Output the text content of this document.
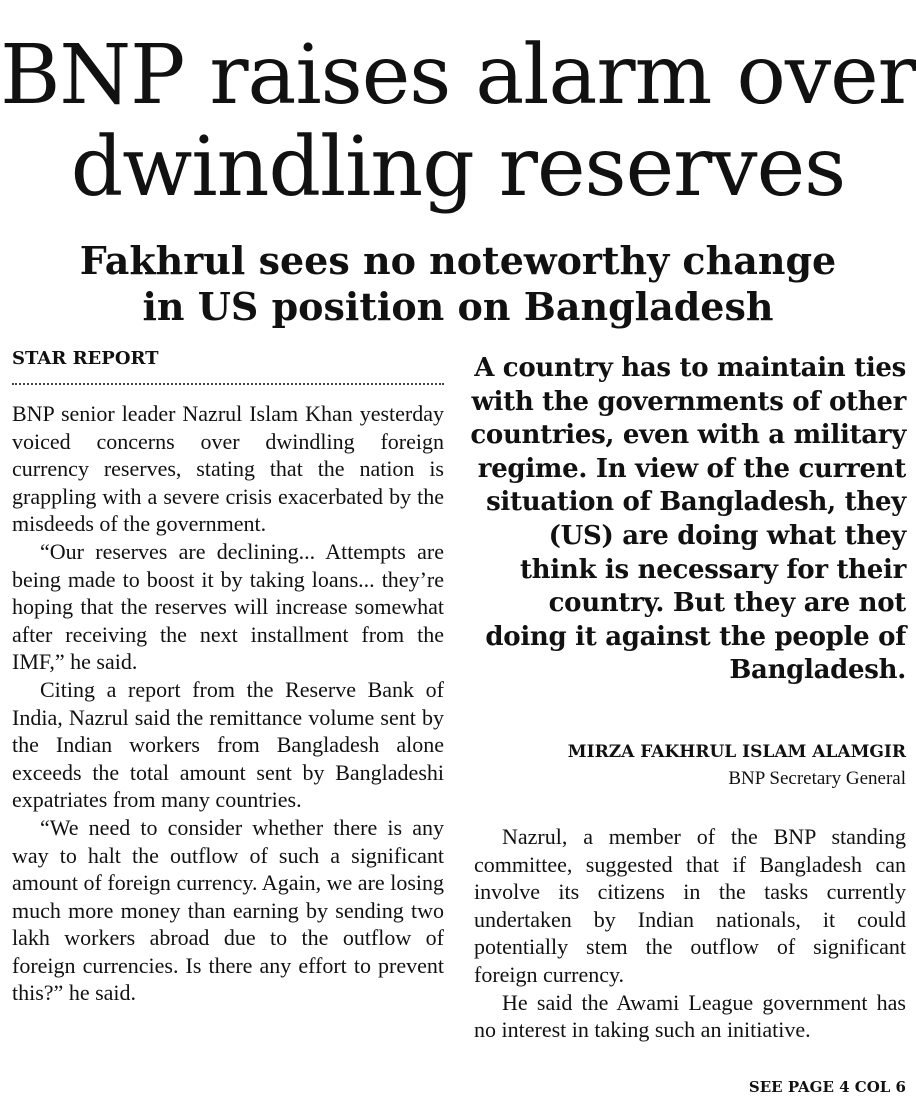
BNP raises alarm over
dwindling reserves
Fakhrul sees no noteworthy change
in US position on Bangladesh
STAR REPORT

BNP senior leader Nazrul Islam Khan yesterday voiced concerns over dwindling foreign currency reserves, stating that the nation is grappling with a severe crisis exacerbated by the misdeeds of the government.

“Our reserves are declining... Attempts are being made to boost it by taking loans... they’re hoping that the reserves will increase somewhat after receiving the next installment from the IMF,” he said.

Citing a report from the Reserve Bank of India, Nazrul said the remittance volume sent by the Indian workers from Bangladesh alone exceeds the total amount sent by Bangladeshi expatriates from many countries.

“We need to consider whether there is any way to halt the outflow of such a significant amount of foreign currency. Again, we are losing much more money than earning by sending two lakh workers abroad due to the outflow of foreign currencies. Is there any effort to prevent this?” he said.

A country has to maintain ties with the governments of other countries, even with a military regime. In view of the current situation of Bangladesh, they (US) are doing what they think is necessary for their country. But they are not doing it against the people of Bangladesh.
MIRZA FAKHRUL ISLAM ALAMGIR
BNP Secretary General

Nazrul, a member of the BNP standing committee, suggested that if Bangladesh can involve its citizens in the tasks currently undertaken by Indian nationals, it could potentially stem the outflow of significant foreign currency.

He said the Awami League government has no interest in taking such an initiative.

SEE PAGE 4 COL 6
